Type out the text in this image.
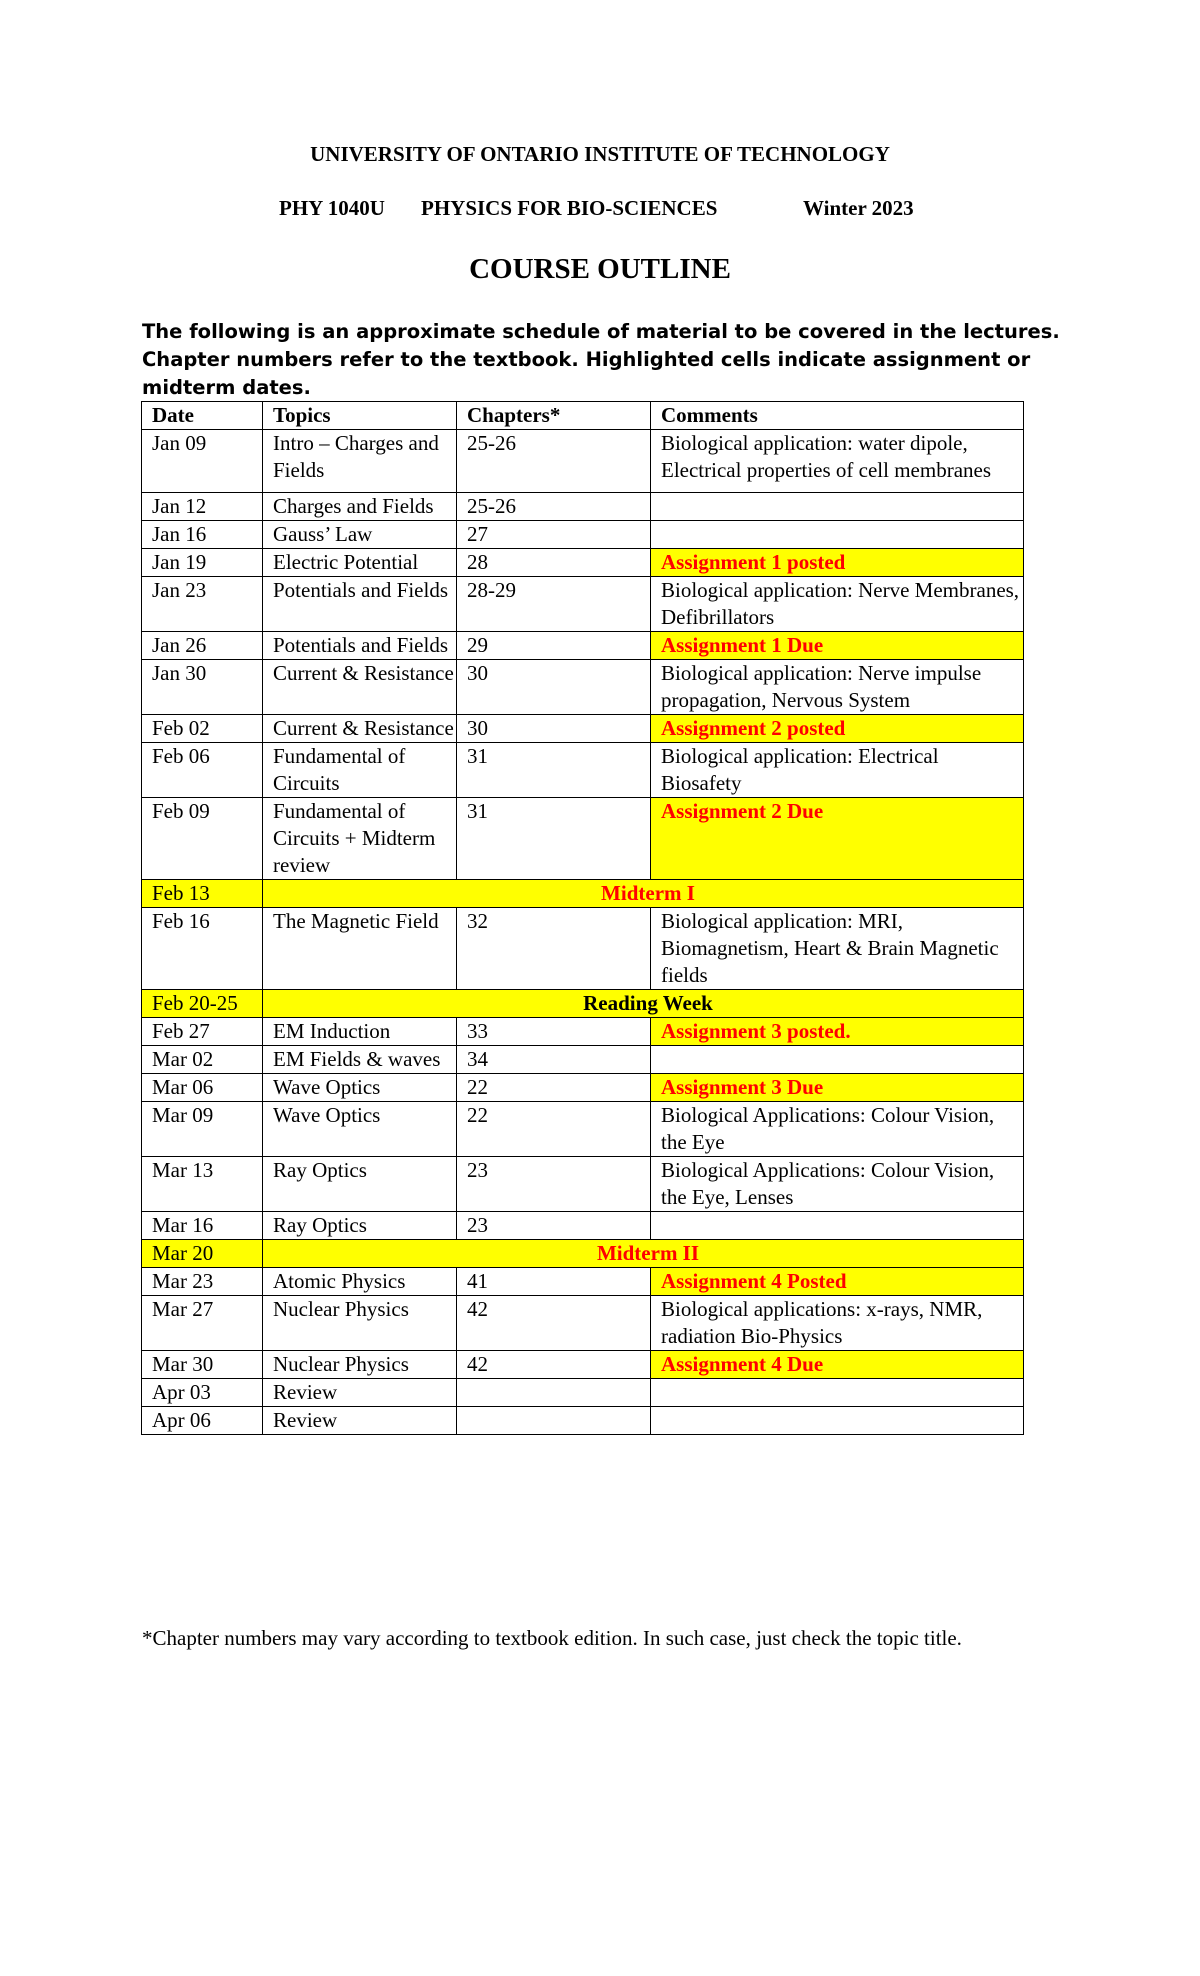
UNIVERSITY OF ONTARIO INSTITUTE OF TECHNOLOGY
PHY 1040U PHYSICS FOR BIO-SCIENCES	Winter 2023
COURSE OUTLINE
The following is an approximate schedule of material to be covered in the lectures. Chapter numbers refer to the textbook. Highlighted cells indicate assignment or midterm dates.
Date	Topics	Chapters*	Comments
Jan 09	Intro – Charges and Fields	25-26	Biological application: water dipole, Electrical properties of cell membranes
Jan 12	Charges and Fields	25-26	
Jan 16	Gauss’ Law	27	
Jan 19	Electric Potential	28	Assignment 1 posted
Jan 23	Potentials and Fields	28-29	Biological application: Nerve Membranes, Defibrillators
Jan 26	Potentials and Fields	29	Assignment 1 Due
Jan 30	Current & Resistance	30	Biological application: Nerve impulse propagation, Nervous System
Feb 02	Current & Resistance	30	Assignment 2 posted
Feb 06	Fundamental of Circuits	31	Biological application: Electrical Biosafety
Feb 09	Fundamental of Circuits + Midterm review	31	Assignment 2 Due
Feb 13	Midterm I		
Feb 16	The Magnetic Field	32	Biological application: MRI, Biomagnetism, Heart & Brain Magnetic fields
Feb 20-25	Reading Week		
Feb 27	EM Induction	33	Assignment 3 posted.
Mar 02	EM Fields & waves	34	
Mar 06	Wave Optics	22	Assignment 3 Due
Mar 09	Wave Optics	22	Biological Applications: Colour Vision, the Eye
Mar 13	Ray Optics	23	Biological Applications: Colour Vision, the Eye, Lenses
Mar 16	Ray Optics	23	
Mar 20	Midterm II		
Mar 23	Atomic Physics	41	Assignment 4 Posted
Mar 27	Nuclear Physics	42	Biological applications: x-rays, NMR, radiation Bio-Physics
Mar 30	Nuclear Physics	42	Assignment 4 Due
Apr 03	Review		
Apr 06	Review		
*Chapter numbers may vary according to textbook edition. In such case, just check the topic title.
